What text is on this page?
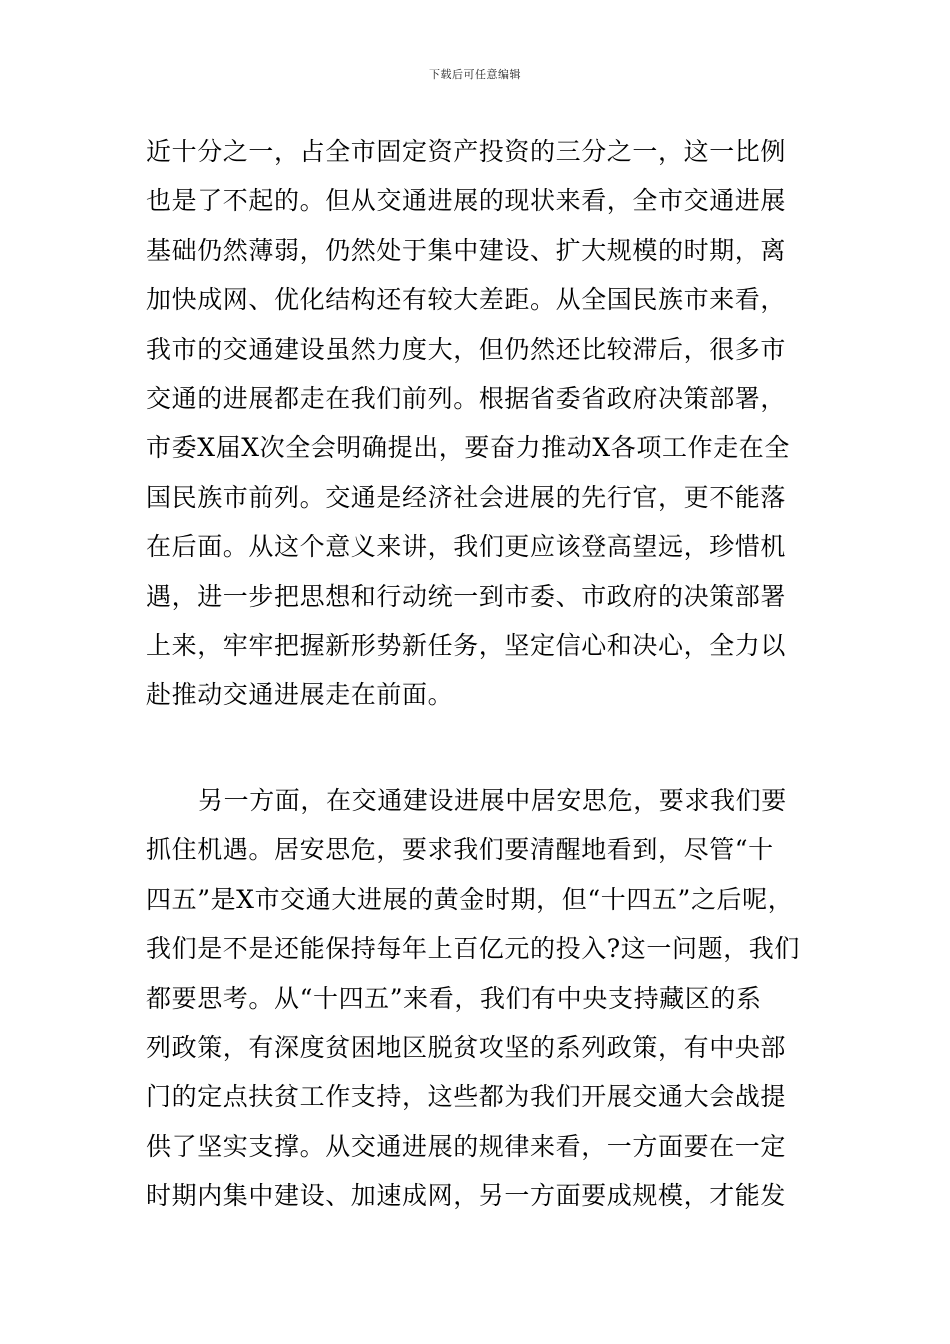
下载后可任意编辑
近十分之一，占全市固定资产投资的三分之一，这一比例
也是了不起的。但从交通进展的现状来看，全市交通进展
基础仍然薄弱，仍然处于集中建设、扩大规模的时期，离
加快成网、优化结构还有较大差距。从全国民族市来看，
我市的交通建设虽然力度大，但仍然还比较滞后，很多市
交通的进展都走在我们前列。根据省委省政府决策部署，
市委X届X次全会明确提出，要奋力推动X各项工作走在全
国民族市前列。交通是经济社会进展的先行官，更不能落
在后面。从这个意义来讲，我们更应该登高望远，珍惜机
遇，进一步把思想和行动统一到市委、市政府的决策部署
上来，牢牢把握新形势新任务，坚定信心和决心，全力以
赴推动交通进展走在前面。
另一方面，在交通建设进展中居安思危，要求我们要
抓住机遇。居安思危，要求我们要清醒地看到，尽管“十
四五”是X市交通大进展的黄金时期，但“十四五”之后呢，
我们是不是还能保持每年上百亿元的投入?这一问题，我们
都要思考。从“十四五”来看，我们有中央支持藏区的系
列政策，有深度贫困地区脱贫攻坚的系列政策，有中央部
门的定点扶贫工作支持，这些都为我们开展交通大会战提
供了坚实支撑。从交通进展的规律来看，一方面要在一定
时期内集中建设、加速成网，另一方面要成规模，才能发
